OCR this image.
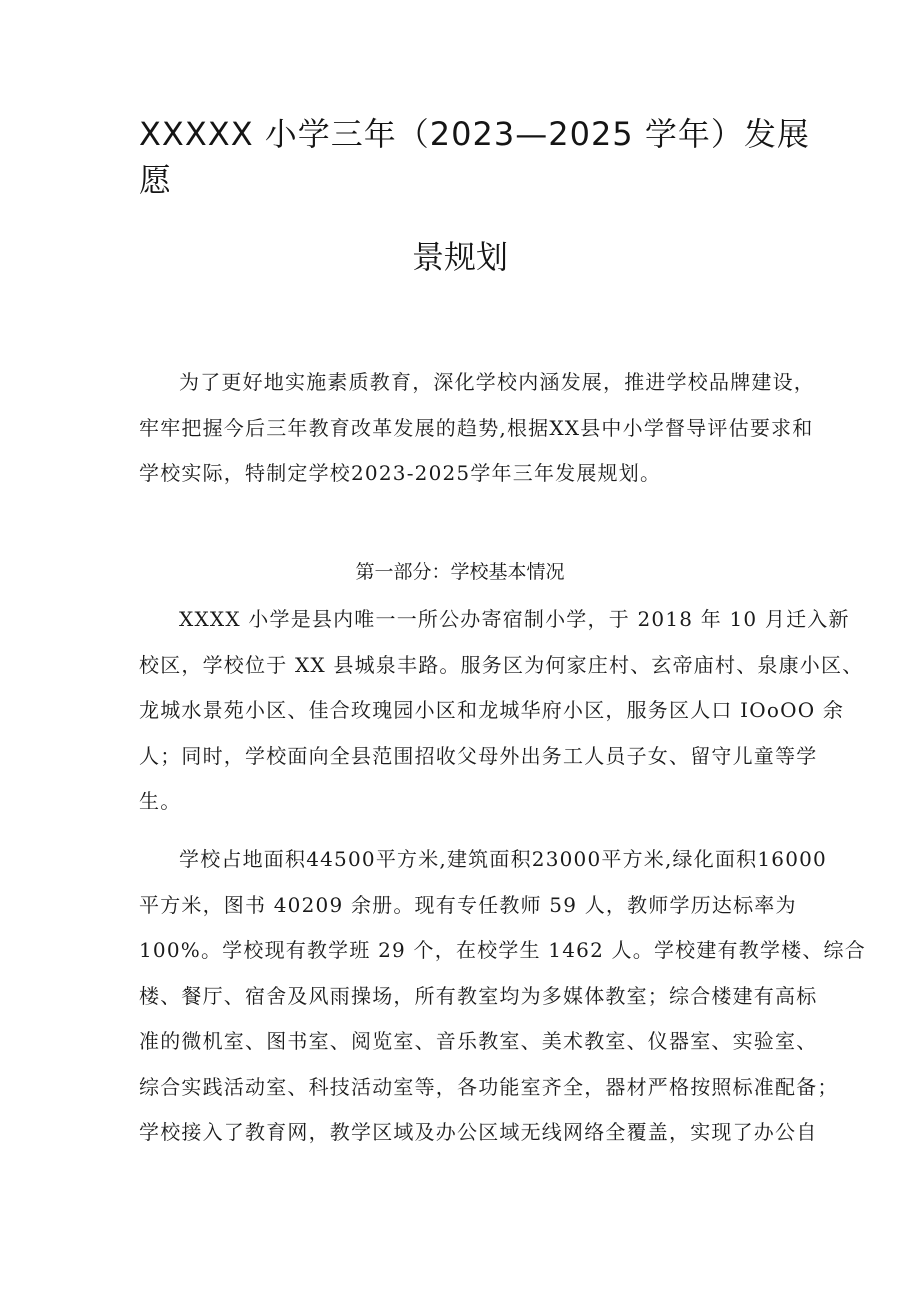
XXXXX 小学三年（2023—2025 学年）发展
愿
景规划
为了更好地实施素质教育，深化学校内涵发展，推进学校品牌建设，
牢牢把握今后三年教育改革发展的趋势,根据XX县中小学督导评估要求和
学校实际，特制定学校2023-2025学年三年发展规划。
第一部分：学校基本情况
XXXX 小学是县内唯一一所公办寄宿制小学，于 2018 年 10 月迁入新
校区，学校位于 XX 县城泉丰路。服务区为何家庄村、玄帝庙村、泉康小区、
龙城水景苑小区、佳合玫瑰园小区和龙城华府小区，服务区人口 IOoOO 余
人；同时，学校面向全县范围招收父母外出务工人员子女、留守儿童等学
生。
学校占地面积44500平方米,建筑面积23000平方米,绿化面积16000
平方米，图书 40209 余册。现有专任教师 59 人，教师学历达标率为
100%。学校现有教学班 29 个，在校学生 1462 人。学校建有教学楼、综合
楼、餐厅、宿舍及风雨操场，所有教室均为多媒体教室；综合楼建有高标
准的微机室、图书室、阅览室、音乐教室、美术教室、仪器室、实验室、
综合实践活动室、科技活动室等，各功能室齐全，器材严格按照标准配备；
学校接入了教育网，教学区域及办公区域无线网络全覆盖，实现了办公自
